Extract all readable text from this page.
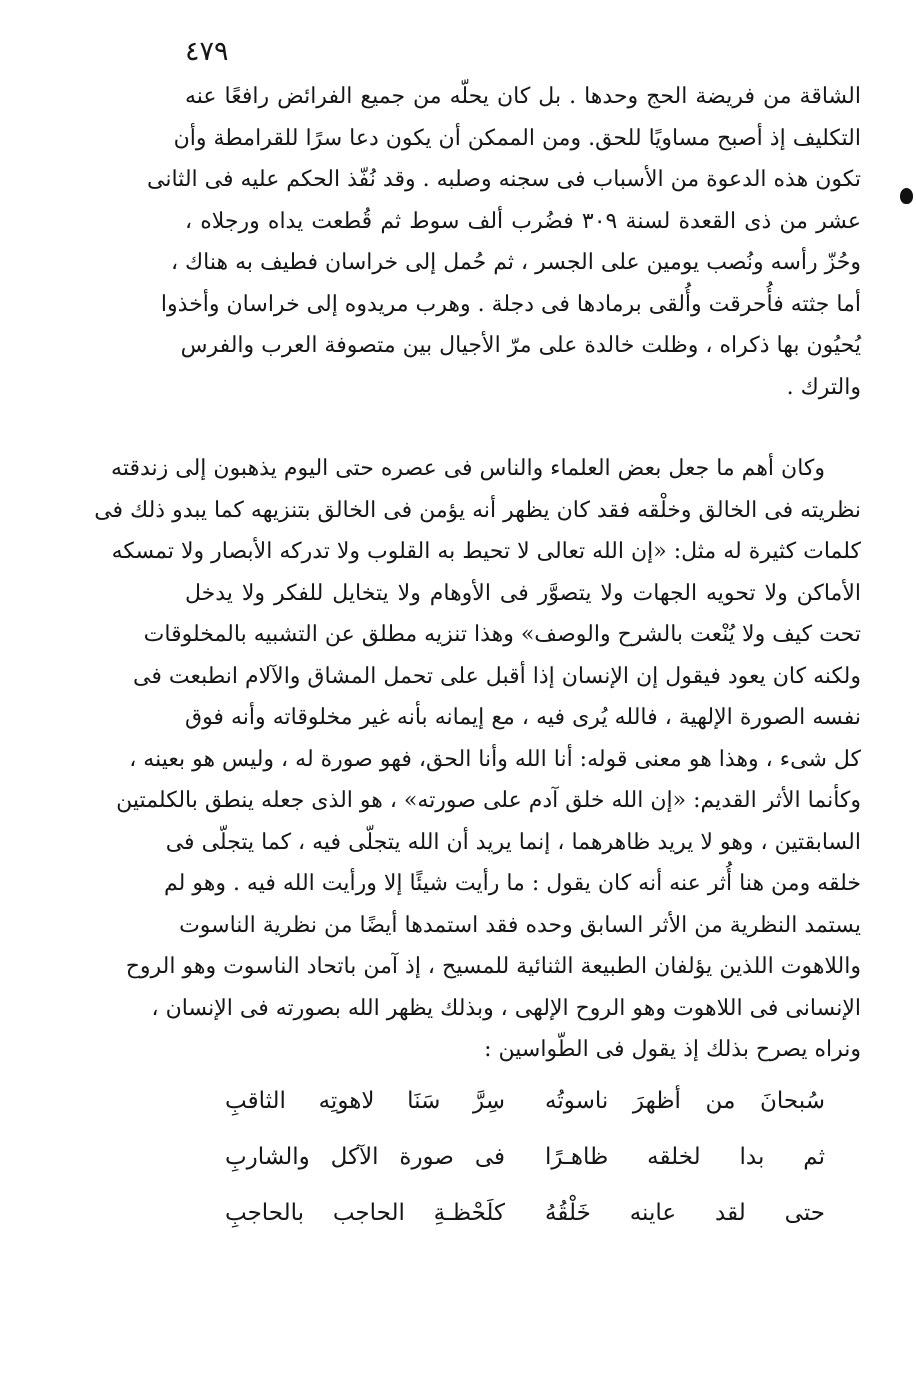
٤٧٩
الشاقة من فريضة الحج وحدها . بل كان يحلّه من جميع الفرائض رافعًا عنه
التكليف إذ أصبح مساويًا للحق. ومن الممكن أن يكون دعا سرًا للقرامطة وأن
تكون هذه الدعوة من الأسباب فى سجنه وصلبه . وقد نُفّذ الحكم عليه فى الثانى
عشر من ذى القعدة لسنة ٣٠٩ فضُرب ألف سوط ثم قُطعت يداه ورجلاه ،
وحُزّ رأسه ونُصب يومين على الجسر ، ثم حُمل إلى خراسان فطيف به هناك ،
أما جثته فأُحرقت وأُلقى برمادها فى دجلة . وهرب مريدوه إلى خراسان وأخذوا
يُحيُون بها ذكراه ، وظلت خالدة على مرّ الأجيال بين متصوفة العرب والفرس
والترك .
وكان أهم ما جعل بعض العلماء والناس فى عصره حتى اليوم يذهبون إلى زندقته
نظريته فى الخالق وخلْقه فقد كان يظهر أنه يؤمن فى الخالق بتنزيهه كما يبدو ذلك فى
كلمات كثيرة له مثل: «إن الله تعالى لا تحيط به القلوب ولا تدركه الأبصار ولا تمسكه
الأماكن ولا تحويه الجهات ولا يتصوَّر فى الأوهام ولا يتخايل للفكر ولا يدخل
تحت كيف ولا يُنْعت بالشرح والوصف» وهذا تنزيه مطلق عن التشبيه بالمخلوقات
ولكنه كان يعود فيقول إن الإنسان إذا أقبل على تحمل المشاق والآلام انطبعت فى
نفسه الصورة الإلهية ، فالله يُرى فيه ، مع إيمانه بأنه غير مخلوقاته وأنه فوق
كل شىء ، وهذا هو معنى قوله: أنا الله وأنا الحق، فهو صورة له ، وليس هو بعينه ،
وكأنما الأثر القديم: «إن الله خلق آدم على صورته» ، هو الذى جعله ينطق بالكلمتين
السابقتين ، وهو لا يريد ظاهرهما ، إنما يريد أن الله يتجلّى فيه ، كما يتجلّى فى
خلقه ومن هنا أُثر عنه أنه كان يقول : ما رأيت شيئًا إلا ورأيت الله فيه . وهو لم
يستمد النظرية من الأثر السابق وحده فقد استمدها أيضًا من نظرية الناسوت
واللاهوت اللذين يؤلفان الطبيعة الثنائية للمسيح ، إذ آمن باتحاد الناسوت وهو الروح
الإنسانى فى اللاهوت وهو الروح الإلهى ، وبذلك يظهر الله بصورته فى الإنسان ،
ونراه يصرح بذلك إذ يقول فى الطّواسين :
سُبحانَ من أظهرَ ناسوتُه
سِرَّ سَنَا لاهوتِه الثاقبِ
ثم بدا لخلقه ظاهـرًا
فى صورة الآكل والشاربِ
حتى لقد عاينه خَلْقُهُ
كلَحْظـةِ الحاجب بالحاجبِ
